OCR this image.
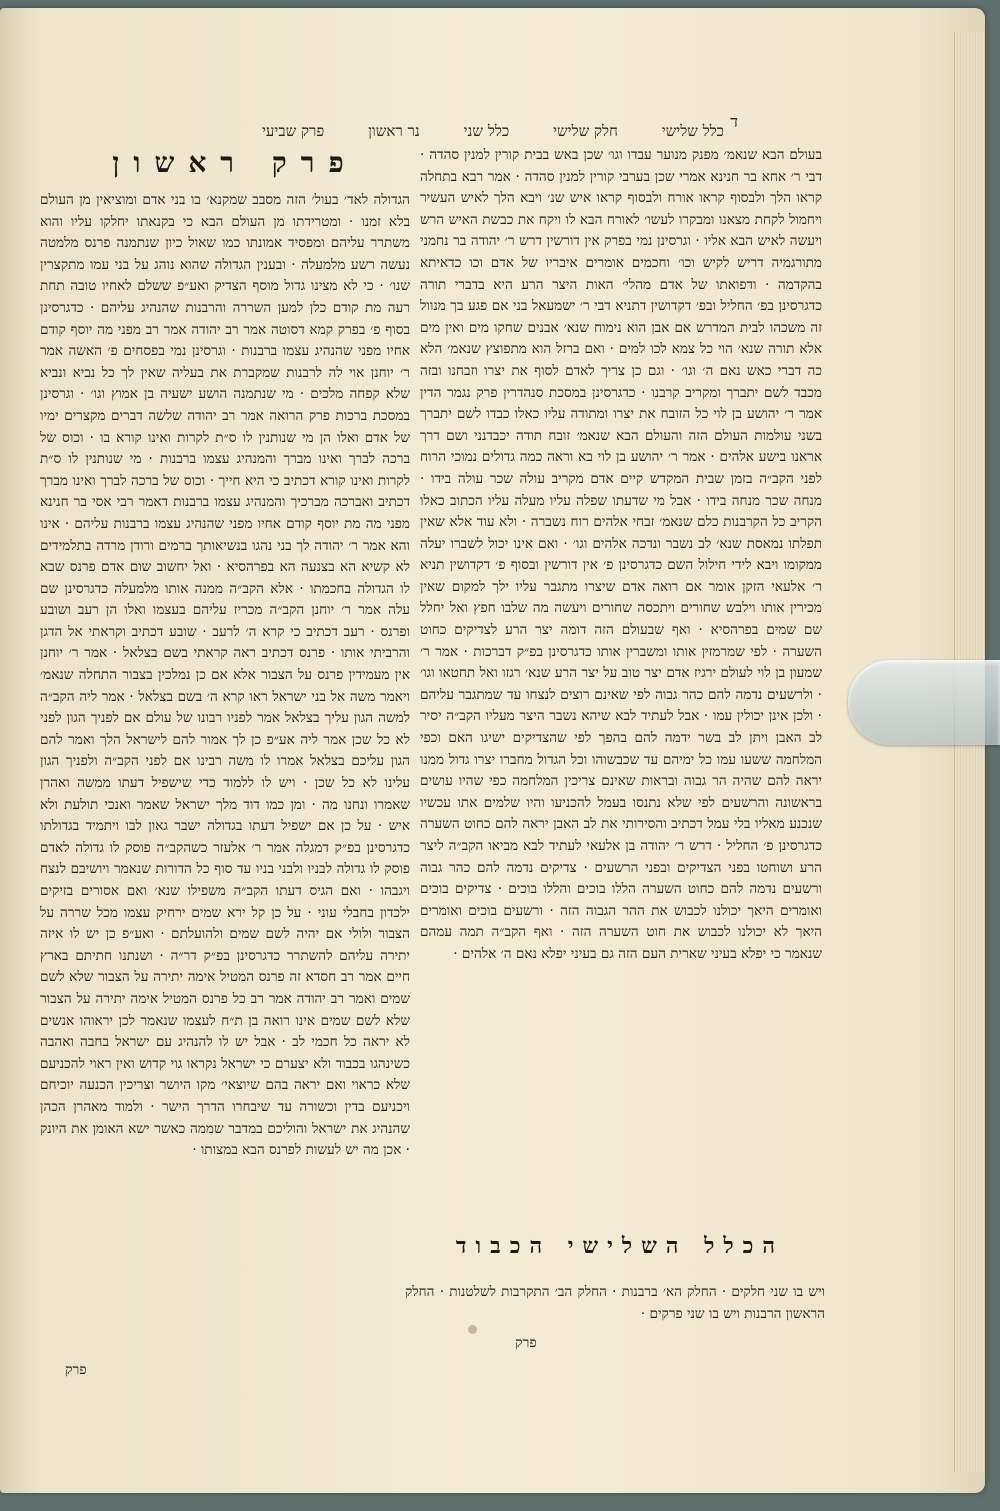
ד
פרק שביעי	נר ראשון	כלל שני	חלק שלישי	כלל שלישי
פרק ראשון	בעולם הבא שנאמ׳ מפנק מנוער עבדו וגו׳ שכן באש בבית קורין למנין סהדה · דבי ר׳ אחא בר חנינא אמרי שכן בערבי קורין למנין סהדה · אמר רבא בתחלה קראו הלך ולבסוף קראו אורח ולבסוף קראו איש שנ׳ ויבא הלך לאיש העשיר ויחמול לקחת מצאנו ומבקרו לעשו׳ לאורח הבא לו ויקח את כבשת האיש הרש ויעשה לאיש הבא אליו · וגרסינן נמי בפרק אין דורשין דרש ר׳ יהודה בר נחמני מתורגמיה דריש לקיש וכו׳ וחכמים אומרים איבריו של אדם וכו כדאיתא בהקדמה · ודפואתו של אדם מהלי׳ האות היצר הרע היא בדברי תורה כדגרסינן בפ׳ החליל ובפ׳ דקדושין דתניא דבי ר׳ ישמעאל בני אם פגע בך מנוול זה משכהו לבית המדרש אם אבן הוא נימוח שנא׳ אבנים שחקו מים ואין מים אלא תורה שנא׳ הוי כל צמא לכו למים · ואם ברזל הוא מתפוצץ שנאמ׳ הלא כה דברי כאש נאם ה׳ וגו׳ · וגם כן צריך לאדם לסוף את יצרו וזבחנו ובזה מכבד לשם יתברך ומקריב קרבנו · כדגרסינן במסכת סנהדרין פרק נגמר הדין אמר ר׳ יהושע בן לוי כל הזובח את יצרו ומתודה עליו כאלו כבדו לשם יתברך בשני עולמות העולם הזה והעולם הבא שנאמ׳ זובח תודה יכבדנני ושם דרך אראנו בישע אלהים · אמר ר׳ יהושע בן לוי בא וראה כמה גדולים נמוכי הרוח לפני הקב״ה בזמן שבית המקדש קיים אדם מקריב עולה שכר עולה בידו · מנחה שכר מנחה בידו · אבל מי שדעתו שפלה עליו מעלה עליו הכתוב כאלו הקריב כל הקרבנות כלם שנאמ׳ זבחי אלהים רוח נשברה · ולא עוד אלא שאין תפלתו נמאסת שנא׳ לב נשבר ונדכה אלהים וגו׳ · ואם אינו יכול לשברו יעלה ממקומו ויבא לידי חילול השם כדגרסינן פ׳ אין דורשין ובסוף פ׳ דקדושין תניא ר׳ אלעאי הזקן אומר אם רואה אדם שיצרו מתגבר עליו ילך למקום שאין מכירין אותו וילבש שחורים ויתכסה שחורים ויעשה מה שלבו חפץ ואל יחלל שם שמים בפרהסיא · ואף שבעולם הזה דומה יצר הרע לצדיקים כחוט השערה · לפי שמרמזין אותו ומשברין אותו כדגרסינן בפ״ק דברכות · אמר ר׳ שמעון בן לוי לעולם ירגיז אדם יצר טוב על יצר הרע שנא׳ רגזו ואל תחטאו וגו׳ · ולרשעים נדמה להם כהר גבוה לפי שאינם רוצים לנצחו עד שמתגבר עליהם · ולכן אינן יכולין עמו · אבל לעתיד לבא שיהא נשבר היצר מעליו הקב״ה יסיר לב האבן ויתן לב בשר ידמה להם בהפך לפי שהצדיקים ישיגו האם וכפי המלחמה ששעו עמו כל ימיהם עד שכבשוהו וכל הגדול מחברו יצרו גדול ממנו יראה להם שהיה הר גבוה ובראות שאינם צריכין המלחמה כפי שהיו עושים בראשונה והרשעים לפי שלא נתנסו בעמל להכניעו והיו שלמים אתו עכשיו שנכנע מאליו בלי עמל דכתיב והסירותי את לב האבן יראה להם כחוט השערה כדגרסינן פ׳ החליל · דרש ר׳ יהודה בן אלעאי לעתיד לבא מביאו הקב״ה ליצר הרע ושוחטו בפני הצדיקים ובפני הרשעים · צדיקים נדמה להם כהר גבוה ורשעים נדמה להם כחוט השערה הללו בוכים והללו בוכים · צדיקים בוכים ואומרים היאך יכולנו לכבוש את ההר הגבוה הזה · ורשעים בוכים ואומרים היאך לא יכולנו לכבוש את חוט השערה הזה · ואף הקב״ה תמה עמהם שנאמר כי יפלא בעיני שארית העם הזה גם בעיני יפלא נאם ה׳ אלהים ·

הגדולה לאד׳ בעול׳ הזה מסבב שמקנא׳ בו בני אדם ומוציאין מן העולם בלא זמנו · ומטרידתו מן העולם הבא כי בקנאתו יחלקו עליו והוא משתרר עליהם ומפסיד אמונתו כמו שאול כיון שנתמנה פרנס מלמטה נעשה רשע מלמעלה · ובענין הגדולה שהוא נוהג על בני עמו מתקצרין שנו׳ · כי לא מצינו גדול מוסף הצדיק ואע״פ ששלם לאחיו טובה תחת רעה מת קודם כלן למען השררה והרבנות שהנהיג עליהם · כדגרסינן בסוף פ׳ בפרק קמא דסוטה אמר רב יהודה אמר רב מפני מה יוסף קודם אחיו מפני שהנהיג עצמו ברבנות · וגרסינן נמי בפסחים פ׳ האשה אמר ר׳ יוחנן אוי לה לרבנות שמקברת את בעליה שאין לך כל נביא ונביא שלא קפחה מלכים · מי שנתמנה הושע ישעיה בן אמוץ וגו׳ · וגרסינן במסכת ברכות פרק הרואה אמר רב יהודה שלשה דברים מקצרים ימיו של אדם ואלו הן מי שנותנין לו ס״ת לקרות ואינו קורא בו · וכוס של ברכה לברך ואינו מברך והמנהיג עצמו ברבנות · מי שנותנין לו ס״ת לקרות ואינו קורא דכתיב כי היא חייך · וכוס של ברכה לברך ואינו מברך דכתיב ואברכה מברכיך והמנהיג עצמו ברבנות דאמר רבי אסי בר חנינא מפני מה מת יוסף קודם אחיו מפני שהנהיג עצמו ברבנות עליהם · אינו והא אמר ר׳ יהודה לך בני נהגו בנשיאותך ברמים ורודן מרדה בתלמידים לא קשיא הא בצנעה הא בפרהסיא · ואל יחשוב שום אדם פרנס שבא לו הגדולה בחכמתו · אלא הקב״ה ממנה אותו מלמעלה כדגרסינן שם עלה אמר ר׳ יוחנן הקב״ה מכריז עליהם בעצמו ואלו הן רעב ושובע ופרנס · רעב דכתיב כי קרא ה׳ לרעב · שובע דכתיב וקראתי אל הדגן והרביתי אותו · פרנס דכתיב ראה קראתי בשם בצלאל · אמר ר׳ יוחנן אין מעמידין פרנס על הצבור אלא אם כן נמלכין בצבור התחלה שנאמ׳ ויאמר משה אל בני ישראל ראו קרא ה׳ בשם בצלאל · אמר ליה הקב״ה למשה הגון עליך בצלאל אמר לפניו רבונו של עולם אם לפניך הגון לפני לא כל שכן אמר ליה אע״פ כן לך אמור להם לישראל הלך ואמר להם הגון עליכם בצלאל אמרו לו משה רבינו אם לפני הקב״ה ולפניך הגון עלינו לא כל שכן · ויש לו ללמוד כדי שישפיל דעתו ממשה ואהרן שאמרו ונחנו מה · ומן כמו דוד מלך ישראל שאמר ואנכי תולעת ולא איש · על כן אם ישפיל דעתו בגדולה ישבר גאון לבו ויתמיד בגדולתו כדגרסינן בפ״ק דמגלה אמר ר׳ אלעזר כשהקב״ה פוסק לו גדולה לאדם פוסק לו גדולה לבניו ולבני בניו עד סוף כל הדורות שנאמר ויושיבם לנצח ויגבהו · ואם הגיס דעתו הקב״ה משפילו שנא׳ ואם אסורים בזיקים ילכדון בחבלי עוני · על כן קל ירא שמים ירחיק עצמו מכל שררה על הצבור ולולי אם יהיה לשם שמים ולהועלתם · ואע״פ כן יש לו איזה יתירה עליהם להשתרר כדגרסינן בפ״ק דר״ה · ושנתנו חתיתם בארץ חיים אמר רב חסדא זה פרנס המטיל אימה יתירה על הצבור שלא לשם שמים ואמר רב יהודה אמר רב כל פרנס המטיל אימה יתירה על הצבור שלא לשם שמים אינו רואה בן ת״ח לעצמו שנאמר לכן יראוהו אנשים לא יראה כל חכמי לב · אבל יש לו להנהיג עם ישראל בחבה ואהבה כשינהגו בכבוד ולא יצערם כי ישראל נקראו גוי קדוש ואין ראוי להכניעם שלא כראוי ואם יראה בהם שיוצאי׳ מקו היושר וצריכין הכנעה יוכיחם ויכניעם בדין וכשורה עד שיבחרו הדרך הישר · ולמוד מאהרן הכהן שהנהיג את ישראל והוליכם במדבר שממה כאשר ישא האומן את היונק · אכן מה יש לעשות לפרנס הבא במצותו ·

הכלל השלישי הכבוד
ויש בו שני חלקים · החלק הא׳ ברבנות · החלק הב׳ התקרבות לשלטנות · החלק הראשון הרבנות ויש בו שני פרקים ·
פרק
פרק
